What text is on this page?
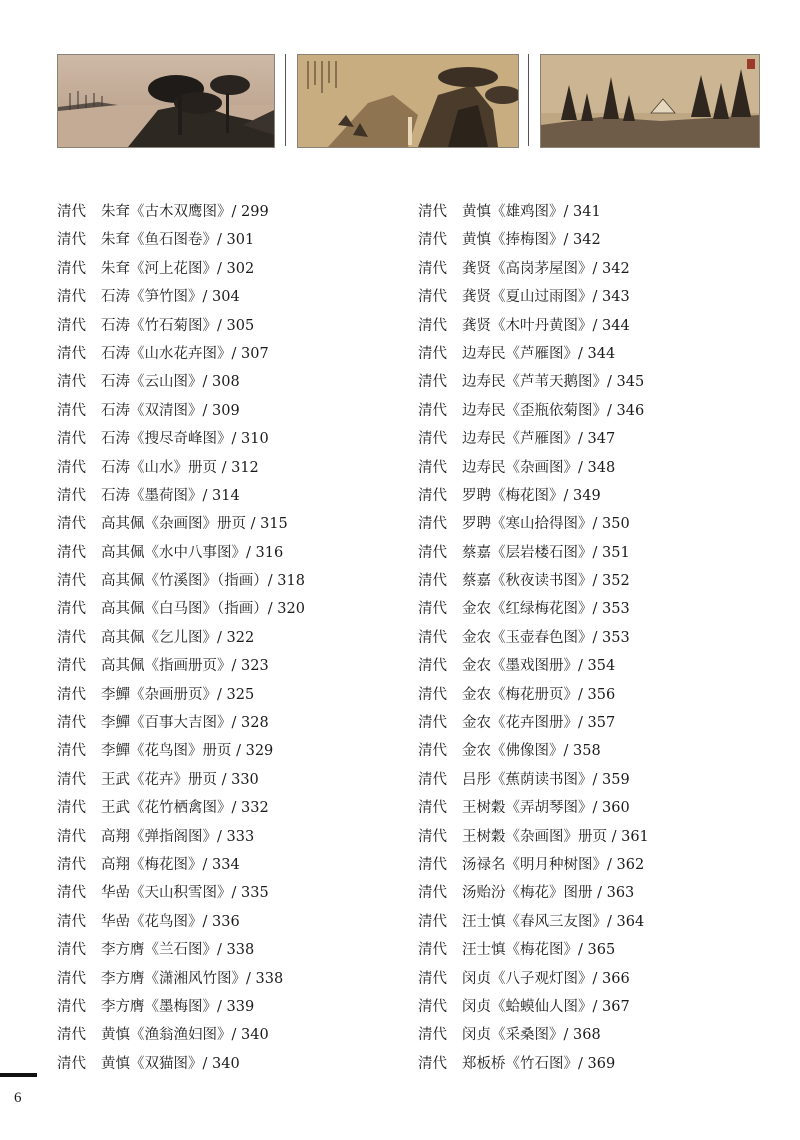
清代 朱耷《古木双鹰图》/ 299
清代 朱耷《鱼石图卷》/ 301
清代 朱耷《河上花图》/ 302
清代 石涛《笋竹图》/ 304
清代 石涛《竹石菊图》/ 305
清代 石涛《山水花卉图》/ 307
清代 石涛《云山图》/ 308
清代 石涛《双清图》/ 309
清代 石涛《搜尽奇峰图》/ 310
清代 石涛《山水》册页 / 312
清代 石涛《墨荷图》/ 314
清代 高其佩《杂画图》册页 / 315
清代 高其佩《水中八事图》/ 316
清代 高其佩《竹溪图》（指画）/ 318
清代 高其佩《白马图》（指画）/ 320
清代 高其佩《乞儿图》/ 322
清代 高其佩《指画册页》/ 323
清代 李鱓《杂画册页》/ 325
清代 李鱓《百事大吉图》/ 328
清代 李鱓《花鸟图》册页 / 329
清代 王武《花卉》册页 / 330
清代 王武《花竹栖禽图》/ 332
清代 高翔《弹指阁图》/ 333
清代 高翔《梅花图》/ 334
清代 华嵒《天山积雪图》/ 335
清代 华嵒《花鸟图》/ 336
清代 李方膺《兰石图》/ 338
清代 李方膺《潇湘风竹图》/ 338
清代 李方膺《墨梅图》/ 339
清代 黄慎《渔翁渔妇图》/ 340
清代 黄慎《双猫图》/ 340
清代 黄慎《雄鸡图》/ 341
清代 黄慎《捧梅图》/ 342
清代 龚贤《高岗茅屋图》/ 342
清代 龚贤《夏山过雨图》/ 343
清代 龚贤《木叶丹黄图》/ 344
清代 边寿民《芦雁图》/ 344
清代 边寿民《芦苇天鹅图》/ 345
清代 边寿民《歪瓶依菊图》/ 346
清代 边寿民《芦雁图》/ 347
清代 边寿民《杂画图》/ 348
清代 罗聘《梅花图》/ 349
清代 罗聘《寒山拾得图》/ 350
清代 蔡嘉《层岩楼石图》/ 351
清代 蔡嘉《秋夜读书图》/ 352
清代 金农《红绿梅花图》/ 353
清代 金农《玉壶春色图》/ 353
清代 金农《墨戏图册》/ 354
清代 金农《梅花册页》/ 356
清代 金农《花卉图册》/ 357
清代 金农《佛像图》/ 358
清代 吕彤《蕉荫读书图》/ 359
清代 王树穀《弄胡琴图》/ 360
清代 王树穀《杂画图》册页 / 361
清代 汤禄名《明月种树图》/ 362
清代 汤贻汾《梅花》图册 / 363
清代 汪士慎《春风三友图》/ 364
清代 汪士慎《梅花图》/ 365
清代 闵贞《八子观灯图》/ 366
清代 闵贞《蛤蟆仙人图》/ 367
清代 闵贞《采桑图》/ 368
清代 郑板桥《竹石图》/ 369
6
